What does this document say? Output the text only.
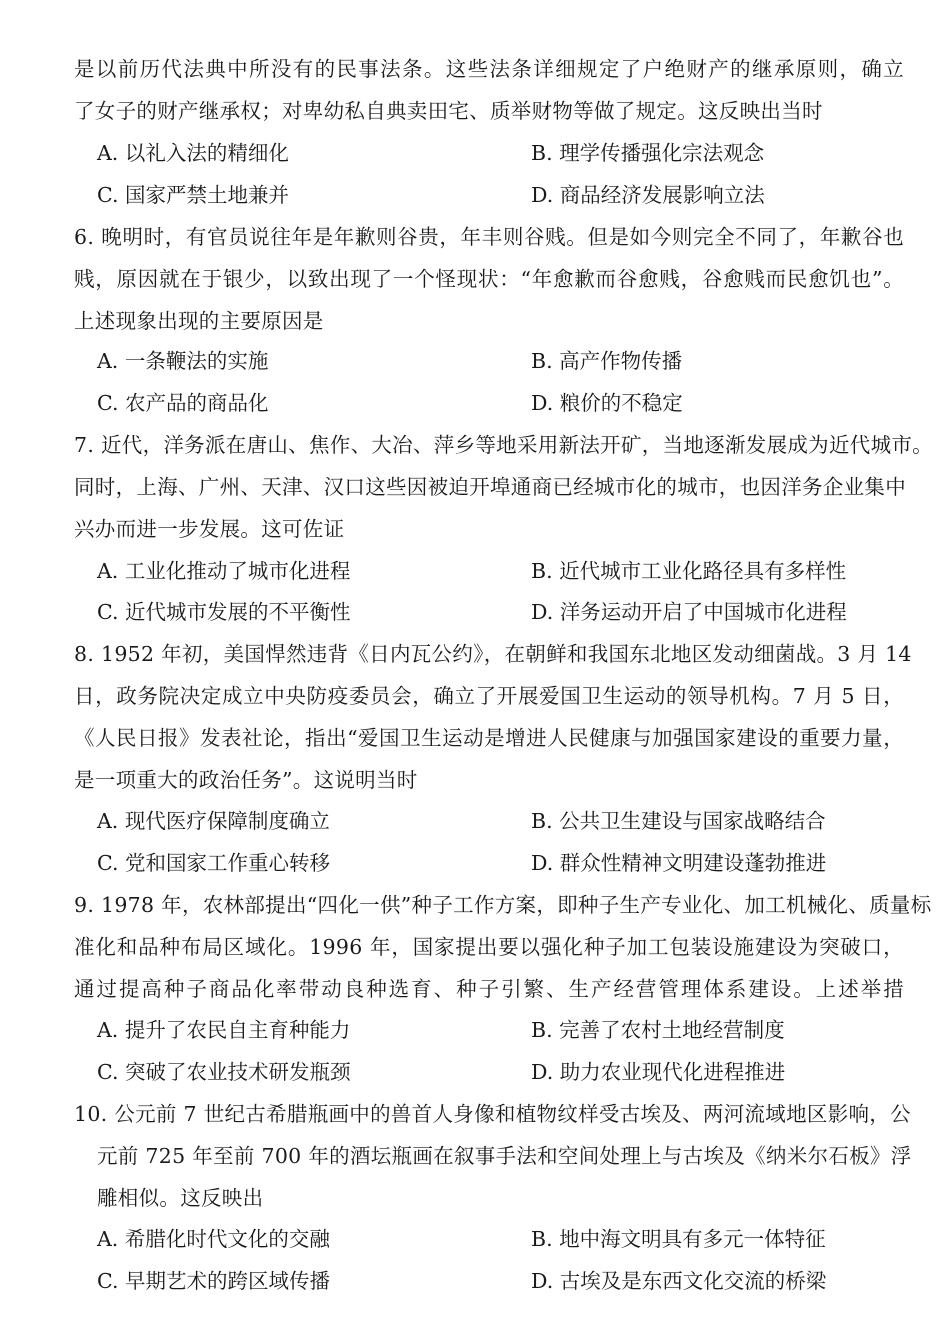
是以前历代法典中所没有的民事法条。这些法条详细规定了户绝财产的继承原则，确立
了女子的财产继承权；对卑幼私自典卖田宅、质举财物等做了规定。这反映出当时
A. 以礼入法的精细化	B. 理学传播强化宗法观念
C. 国家严禁土地兼并	D. 商品经济发展影响立法
6. 晚明时，有官员说往年是年歉则谷贵，年丰则谷贱。但是如今则完全不同了，年歉谷也
贱，原因就在于银少，以致出现了一个怪现状：“年愈歉而谷愈贱，谷愈贱而民愈饥也”。
上述现象出现的主要原因是
A. 一条鞭法的实施	B. 高产作物传播
C. 农产品的商品化	D. 粮价的不稳定
7. 近代，洋务派在唐山、焦作、大冶、萍乡等地采用新法开矿，当地逐渐发展成为近代城市。
同时，上海、广州、天津、汉口这些因被迫开埠通商已经城市化的城市，也因洋务企业集中
兴办而进一步发展。这可佐证
A. 工业化推动了城市化进程	B. 近代城市工业化路径具有多样性
C. 近代城市发展的不平衡性	D. 洋务运动开启了中国城市化进程
8. 1952 年初，美国悍然违背《日内瓦公约》，在朝鲜和我国东北地区发动细菌战。3 月 14
日，政务院决定成立中央防疫委员会，确立了开展爱国卫生运动的领导机构。7 月 5 日，
《人民日报》发表社论，指出“爱国卫生运动是增进人民健康与加强国家建设的重要力量，
是一项重大的政治任务”。这说明当时
A. 现代医疗保障制度确立	B. 公共卫生建设与国家战略结合
C. 党和国家工作重心转移	D. 群众性精神文明建设蓬勃推进
9. 1978 年，农林部提出“四化一供”种子工作方案，即种子生产专业化、加工机械化、质量标
准化和品种布局区域化。1996 年，国家提出要以强化种子加工包装设施建设为突破口，
通过提高种子商品化率带动良种选育、种子引繁、生产经营管理体系建设。上述举措
A. 提升了农民自主育种能力	B. 完善了农村土地经营制度
C. 突破了农业技术研发瓶颈	D. 助力农业现代化进程推进
10. 公元前 7 世纪古希腊瓶画中的兽首人身像和植物纹样受古埃及、两河流域地区影响，公
元前 725 年至前 700 年的酒坛瓶画在叙事手法和空间处理上与古埃及《纳米尔石板》浮
雕相似。这反映出
A. 希腊化时代文化的交融	B. 地中海文明具有多元一体特征
C. 早期艺术的跨区域传播	D. 古埃及是东西文化交流的桥梁
